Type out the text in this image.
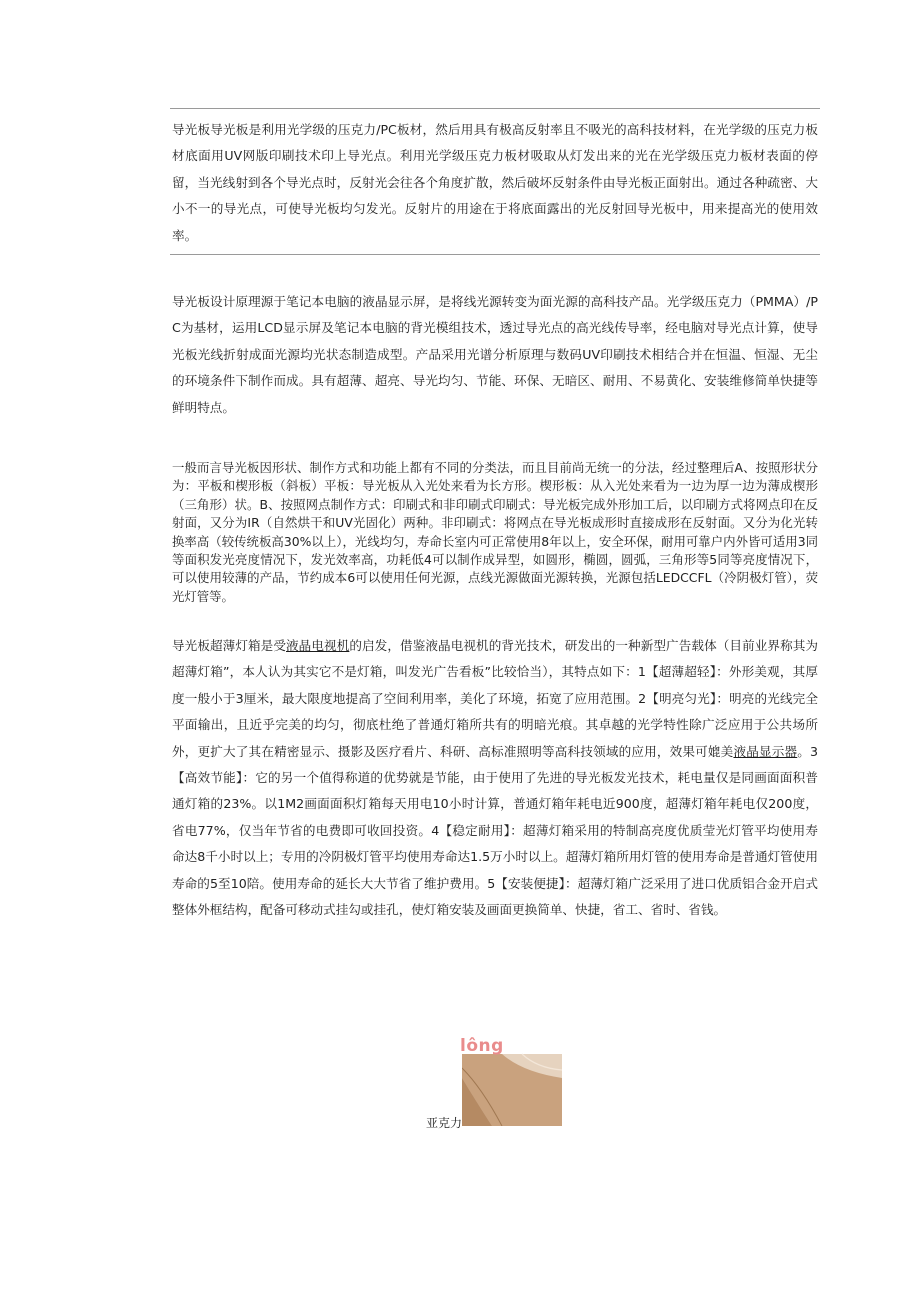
导光板导光板是利用光学级的压克力/PC板材，然后用具有极高反射率且不吸光的高科技材料，在光学级的压克力板材底面用UV网版印刷技术印上导光点。利用光学级压克力板材吸取从灯发出来的光在光学级压克力板材表面的停留，当光线射到各个导光点时，反射光会往各个角度扩散，然后破坏反射条件由导光板正面射出。通过各种疏密、大小不一的导光点，可使导光板均匀发光。反射片的用途在于将底面露出的光反射回导光板中，用来提高光的使用效率。

导光板设计原理源于笔记本电脑的液晶显示屏，是将线光源转变为面光源的高科技产品。光学级压克力（PMMA）/PC为基材，运用LCD显示屏及笔记本电脑的背光模组技术，透过导光点的高光线传导率，经电脑对导光点计算，使导光板光线折射成面光源均光状态制造成型。产品采用光谱分析原理与数码UV印刷技术相结合并在恒温、恒湿、无尘的环境条件下制作而成。具有超薄、超亮、导光均匀、节能、环保、无暗区、耐用、不易黄化、安装维修简单快捷等鲜明特点。

一般而言导光板因形状、制作方式和功能上都有不同的分类法，而且目前尚无统一的分法，经过整理后A、按照形状分为：平板和楔形板（斜板）平板：导光板从入光处来看为长方形。楔形板：从入光处来看为一边为厚一边为薄成楔形（三角形）状。B、按照网点制作方式：印刷式和非印刷式印刷式：导光板完成外形加工后，以印刷方式将网点印在反射面，又分为IR（自然烘干和UV光固化）两种。非印刷式：将网点在导光板成形时直接成形在反射面。又分为化光转换率高（较传统板高30%以上），光线均匀，寿命长室内可正常使用8年以上，安全环保，耐用可靠户内外皆可适用3同等面积发光亮度情况下，发光效率高，功耗低4可以制作成异型，如圆形，椭圆，圆弧，三角形等5同等亮度情况下，可以使用较薄的产品，节约成本6可以使用任何光源，点线光源做面光源转换，光源包括LEDCCFL（冷阴极灯管），荧光灯管等。

导光板超薄灯箱是受液晶电视机的启发，借鉴液晶电视机的背光技术，研发出的一种新型广告载体（目前业界称其为超薄灯箱”，本人认为其实它不是灯箱，叫发光广告看板”比较恰当），其特点如下：1【超薄超轻】：外形美观，其厚度一般小于3厘米，最大限度地提高了空间利用率，美化了环境，拓宽了应用范围。2【明亮匀光】：明亮的光线完全平面输出，且近乎完美的均匀，彻底杜绝了普通灯箱所共有的明暗光痕。其卓越的光学特性除广泛应用于公共场所外，更扩大了其在精密显示、摄影及医疗看片、科研、高标准照明等高科技领域的应用，效果可媲美液晶显示器。3【高效节能】：它的另一个值得称道的优势就是节能，由于使用了先进的导光板发光技术，耗电量仅是同画面面积普通灯箱的23%。以1M2画面面积灯箱每天用电10小时计算，普通灯箱年耗电近900度，超薄灯箱年耗电仅200度，省电77%，仅当年节省的电费即可收回投资。4【稳定耐用】：超薄灯箱采用的特制高亮度优质莹光灯管平均使用寿命达8千小时以上；专用的冷阴极灯管平均使用寿命达1.5万小时以上。超薄灯箱所用灯管的使用寿命是普通灯管使用寿命的5至10陪。使用寿命的延长大大节省了维护费用。5【安装便捷】：超薄灯箱广泛采用了进口优质铝合金开启式整体外框结构，配备可移动式挂勾或挂孔，使灯箱安装及画面更换简单、快捷，省工、省时、省钱。

亚克力
lông
